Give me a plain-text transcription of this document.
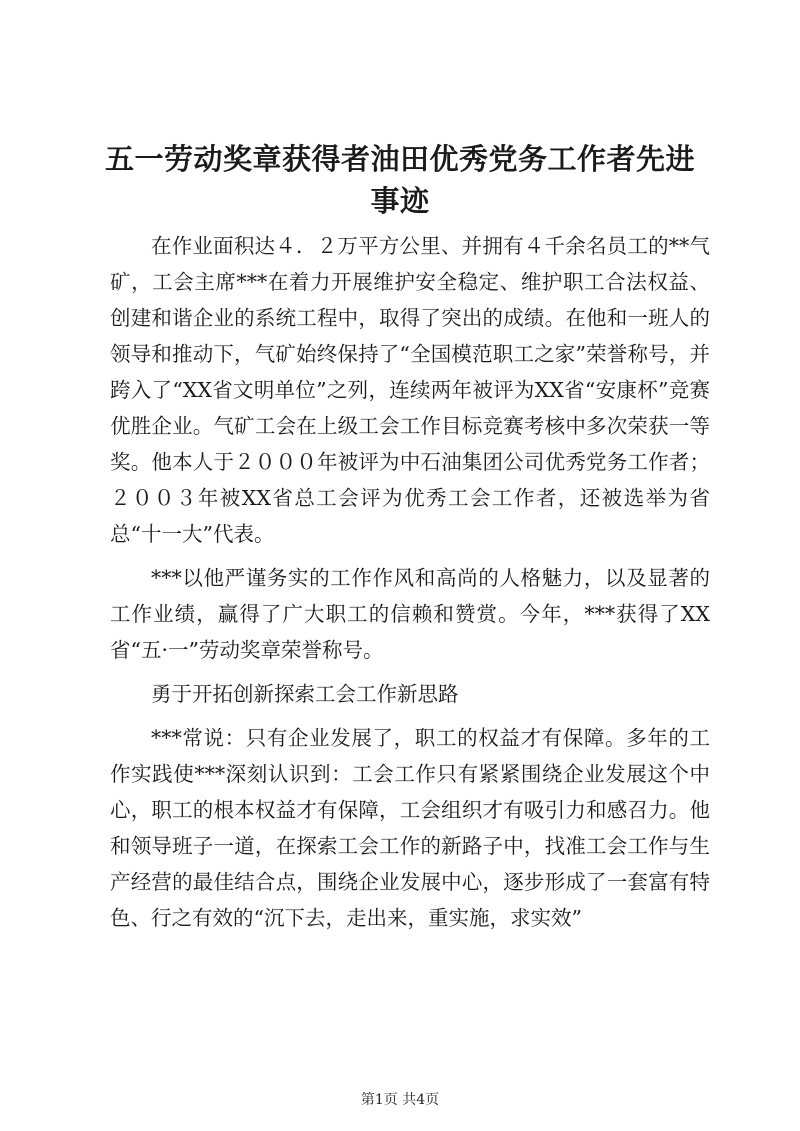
五一劳动奖章获得者油田优秀党务工作者先进事迹

在作业面积达４．２万平方公里、并拥有４千余名员工的**气矿，工会主席***在着力开展维护安全稳定、维护职工合法权益、创建和谐企业的系统工程中，取得了突出的成绩。在他和一班人的领导和推动下，气矿始终保持了“全国模范职工之家”荣誉称号，并跨入了“XX省文明单位”之列，连续两年被评为XX省“安康杯”竞赛优胜企业。气矿工会在上级工会工作目标竞赛考核中多次荣获一等奖。他本人于２０００年被评为中石油集团公司优秀党务工作者；２００３年被XX省总工会评为优秀工会工作者，还被选举为省总“十一大”代表。

***以他严谨务实的工作作风和高尚的人格魅力，以及显著的工作业绩，赢得了广大职工的信赖和赞赏。今年，***获得了XX省“五·一”劳动奖章荣誉称号。

勇于开拓创新探索工会工作新思路

***常说：只有企业发展了，职工的权益才有保障。多年的工作实践使***深刻认识到：工会工作只有紧紧围绕企业发展这个中心，职工的根本权益才有保障，工会组织才有吸引力和感召力。他和领导班子一道，在探索工会工作的新路子中，找准工会工作与生产经营的最佳结合点，围绕企业发展中心，逐步形成了一套富有特色、行之有效的“沉下去，走出来，重实施，求实效”

第1页 共4页
